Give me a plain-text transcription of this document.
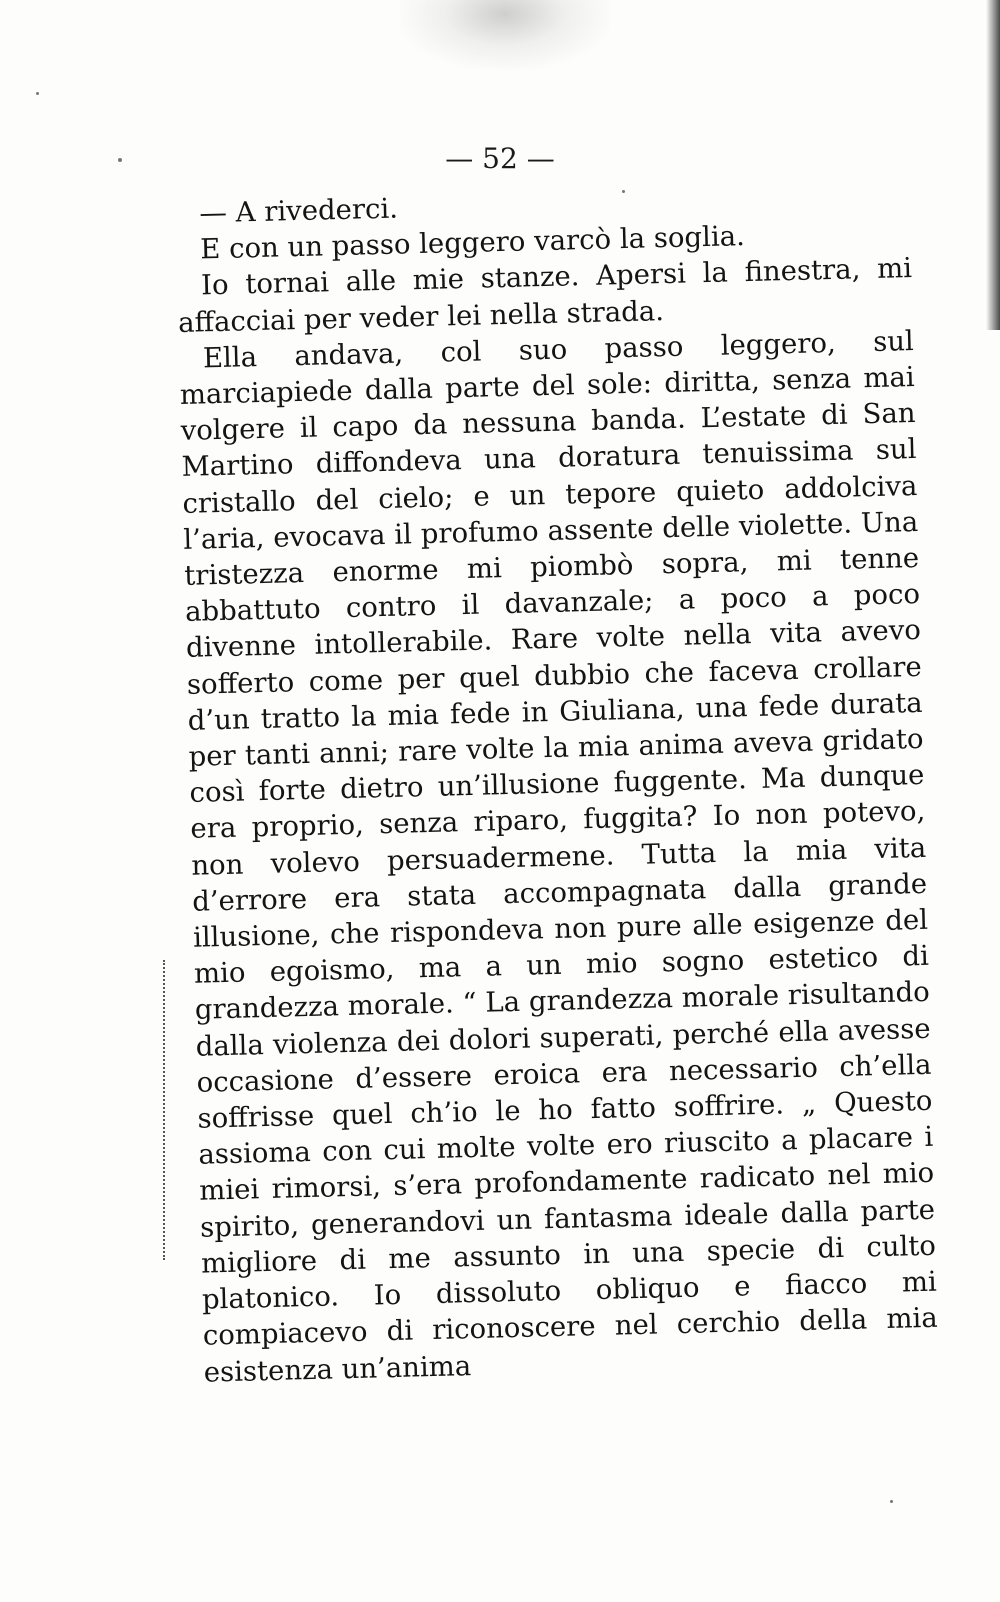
— 52 —

— A rivederci.

E con un passo leggero varcò la soglia.

Io tornai alle mie stanze. Apersi la finestra, mi affacciai per veder lei nella strada.

Ella andava, col suo passo leggero, sul marciapiede dalla parte del sole: diritta, senza mai volgere il capo da nessuna banda. L’estate di San Martino diffondeva una doratura tenuissima sul cristallo del cielo; e un tepore quieto addolciva l’aria, evocava il profumo assente delle violette. Una tristezza enorme mi piombò sopra, mi tenne abbattuto contro il davanzale; a poco a poco divenne intollerabile. Rare volte nella vita avevo sofferto come per quel dubbio che faceva crollare d’un tratto la mia fede in Giuliana, una fede durata per tanti anni; rare volte la mia anima aveva gridato così forte dietro un’illusione fuggente. Ma dunque era proprio, senza riparo, fuggita? Io non potevo, non volevo persuadermene. Tutta la mia vita d’errore era stata accompagnata dalla grande illusione, che rispondeva non pure alle esigenze del mio egoismo, ma a un mio sogno estetico di grandezza morale. “ La grandezza morale risultando dalla violenza dei dolori superati, perché ella avesse occasione d’essere eroica era necessario ch’ella soffrisse quel ch’io le ho fatto soffrire. „ Questo assioma con cui molte volte ero riuscito a placare i miei rimorsi, s’era profondamente radicato nel mio spirito, generandovi un fantasma ideale dalla parte migliore di me assunto in una specie di culto platonico. Io dissoluto obliquo e fiacco mi compiacevo di riconoscere nel cerchio della mia esistenza un’anima
